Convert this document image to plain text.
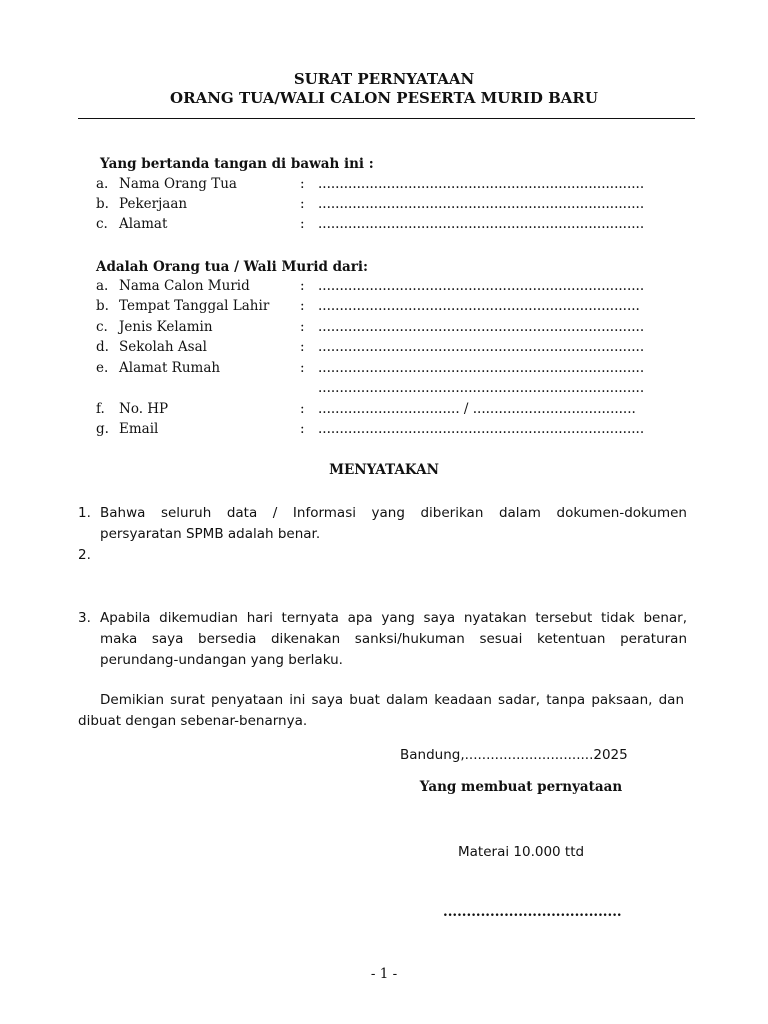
SURAT PERNYATAAN
ORANG TUA/WALI CALON PESERTA MURID BARU
Yang bertanda tangan di bawah ini :
a. Nama Orang Tua	: ............................................................................
b. Pekerjaan	: ............................................................................
c. Alamat	: ............................................................................
Adalah Orang tua / Wali Murid dari:
a. Nama Calon Murid	: ............................................................................
b. Tempat Tanggal Lahir : ...........................................................................
c. Jenis Kelamin	: ............................................................................
d. Sekolah Asal	: ............................................................................
e. Alamat Rumah	: ............................................................................
............................................................................
f. No. HP	: ................................. / ......................................
g. Email	: ............................................................................
MENYATAKAN
1. Bahwa seluruh data / Informasi yang diberikan dalam dokumen-dokumen
persyaratan SPMB adalah benar.
2.
3. Apabila dikemudian hari ternyata apa yang saya nyatakan tersebut tidak benar,
maka saya bersedia dikenakan sanksi/hukuman sesuai ketentuan peraturan
perundang-undangan yang berlaku.
Demikian surat penyataan ini saya buat dalam keadaan sadar, tanpa paksaan, dan
dibuat dengan sebenar-benarnya.
Bandung,..............................2025
Yang membuat pernyataan
Materai 10.000 ttd
......................................
- 1 -
